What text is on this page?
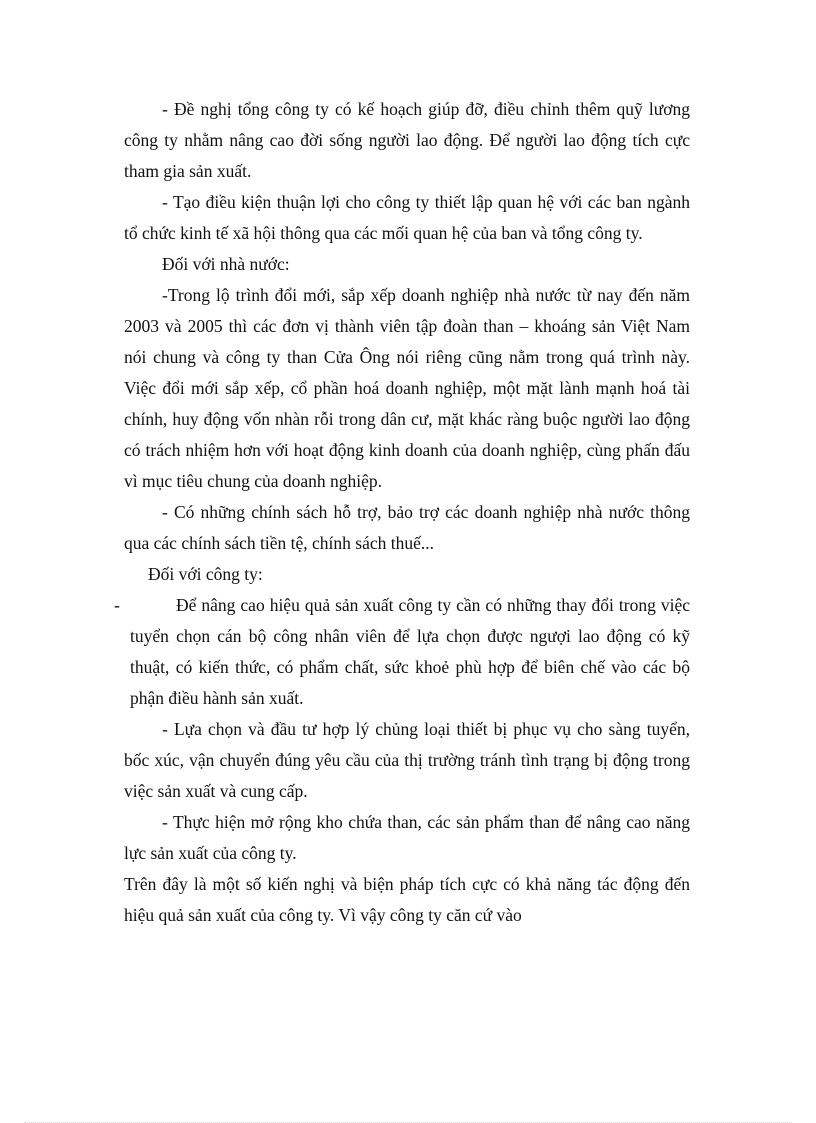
- Đề nghị tổng công ty có kế hoạch giúp đỡ, điều chỉnh thêm quỹ lương công ty nhằm nâng cao đời sống người lao động. Để người lao động tích cực tham gia sản xuất.

- Tạo điều kiện thuận lợi cho công ty thiết lập quan hệ với các ban ngành tổ chức kinh tế xã hội thông qua các mối quan hệ của ban và tổng công ty.

Đối với nhà nước:

-Trong lộ trình đổi mới, sắp xếp doanh nghiệp nhà nước từ nay đến năm 2003 và 2005 thì các đơn vị thành viên tập đoàn than – khoáng sản Việt Nam nói chung và công ty than Cửa Ông nói riêng cũng nằm trong quá trình này. Việc đổi mới sắp xếp, cổ phần hoá doanh nghiệp, một mặt lành mạnh hoá tài chính, huy động vốn nhàn rỗi trong dân cư, mặt khác ràng buộc người lao động có trách nhiệm hơn với hoạt động kinh doanh của doanh nghiệp, cùng phấn đấu vì mục tiêu chung của doanh nghiệp.

- Có những chính sách hỗ trợ, bảo trợ các doanh nghiệp nhà nước thông qua các chính sách tiền tệ, chính sách thuế...

Đối với công ty:

-	Để nâng cao hiệu quả sản xuất công ty cần có những thay đổi trong việc tuyển chọn cán bộ công nhân viên để lựa chọn được ngượi lao động có kỹ thuật, có kiến thức, có phẩm chất, sức khoẻ phù hợp để biên chế vào các bộ phận điều hành sản xuất.

- Lựa chọn và đầu tư hợp lý chủng loại thiết bị phục vụ cho sàng tuyển, bốc xúc, vận chuyển đúng yêu cầu của thị trường tránh tình trạng bị động trong việc sản xuất và cung cấp.

- Thực hiện mở rộng kho chứa than, các sản phẩm than để nâng cao năng lực sản xuất của công ty.

Trên đây là một số kiến nghị và biện pháp tích cực có khả năng tác động đến hiệu quả sản xuất của công ty. Vì vậy công ty căn cứ vào
